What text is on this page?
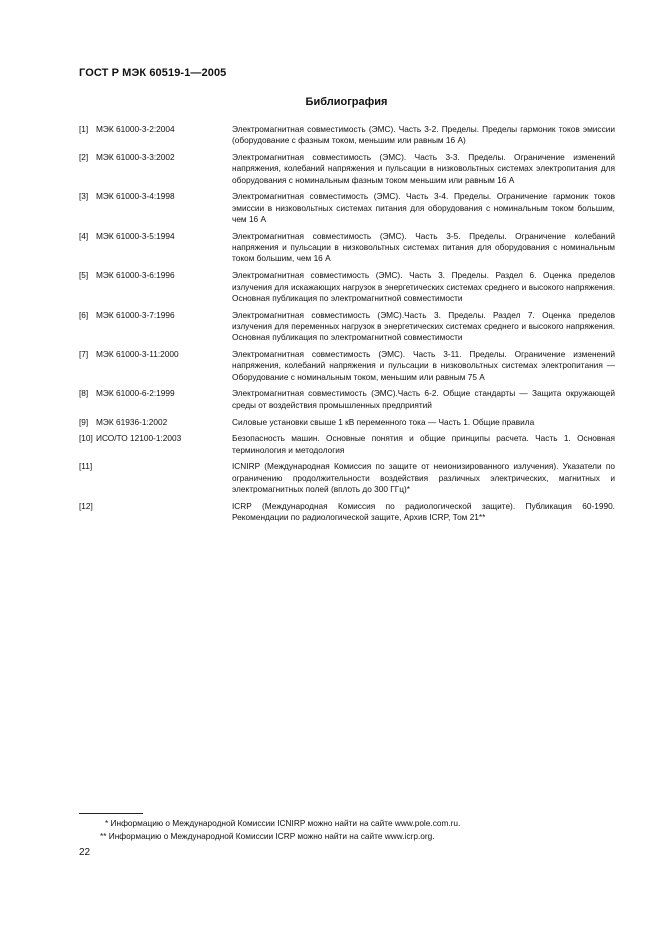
ГОСТ Р МЭК 60519-1—2005
Библиография
[1] МЭК 61000-3-2:2004	Электромагнитная совместимость (ЭМС). Часть 3-2. Пределы. Пределы гармоник токов эмиссии (оборудование с фазным током, меньшим или равным 16 А)
[2] МЭК 61000-3-3:2002	Электромагнитная совместимость (ЭМС). Часть 3-3. Пределы. Ограничение изменений напряжения, колебаний напряжения и пульсации в низковольтных системах электропитания для оборудования с номинальным фазным током меньшим или равным 16 А
[3] МЭК 61000-3-4:1998	Электромагнитная совместимость (ЭМС). Часть 3-4. Пределы. Ограничение гармоник токов эмиссии в низковольтных системах питания для оборудования с номинальным током большим, чем 16 А
[4] МЭК 61000-3-5:1994	Электромагнитная совместимость (ЭМС). Часть 3-5. Пределы. Ограничение колебаний напряжения и пульсации в низковольтных системах питания для оборудования с номинальным током большим, чем 16 А
[5] МЭК 61000-3-6:1996	Электромагнитная совместимость (ЭМС). Часть 3. Пределы. Раздел 6. Оценка пределов излучения для искажающих нагрузок в энергетических системах среднего и высокого напряжения. Основная публикация по электромагнитной совместимости
[6] МЭК 61000-3-7:1996	Электромагнитная совместимость (ЭМС).Часть 3. Пределы. Раздел 7. Оценка пределов излучения для переменных нагрузок в энергетических системах среднего и высокого напряжения. Основная публикация по электромагнитной совместимости
[7] МЭК 61000-3-11:2000	Электромагнитная совместимость (ЭМС). Часть 3-11. Пределы. Ограничение изменений напряжения, колебаний напряжения и пульсации в низковольтных системах электропитания — Оборудование с номинальным током, меньшим или равным 75 А
[8] МЭК 61000-6-2:1999	Электромагнитная совместимость (ЭМС).Часть 6-2. Общие стандарты — Защита окружающей среды от воздействия промышленных предприятий
[9] МЭК 61936-1:2002	Силовые установки свыше 1 кВ переменного тока — Часть 1. Общие правила
[10] ИСО/ТО 12100-1:2003	Безопасность машин. Основные понятия и общие принципы расчета. Часть 1. Основная терминология и методология
[11]	ICNIRP (Международная Комиссия по защите от неионизированного излучения). Указатели по ограничению продолжительности воздействия различных электрических, магнитных и электромагнитных полей (вплоть до 300 ГГц)*
[12]	ICRP (Международная Комиссия по радиологической защите). Публикация 60-1990. Рекомендации по радиологической защите, Архив ICRP, Том 21**
* Информацию о Международной Комиссии ICNIRP можно найти на сайте www.pole.com.ru.
** Информацию о Международной Комиссии ICRP можно найти на сайте www.icrp.org.
22
